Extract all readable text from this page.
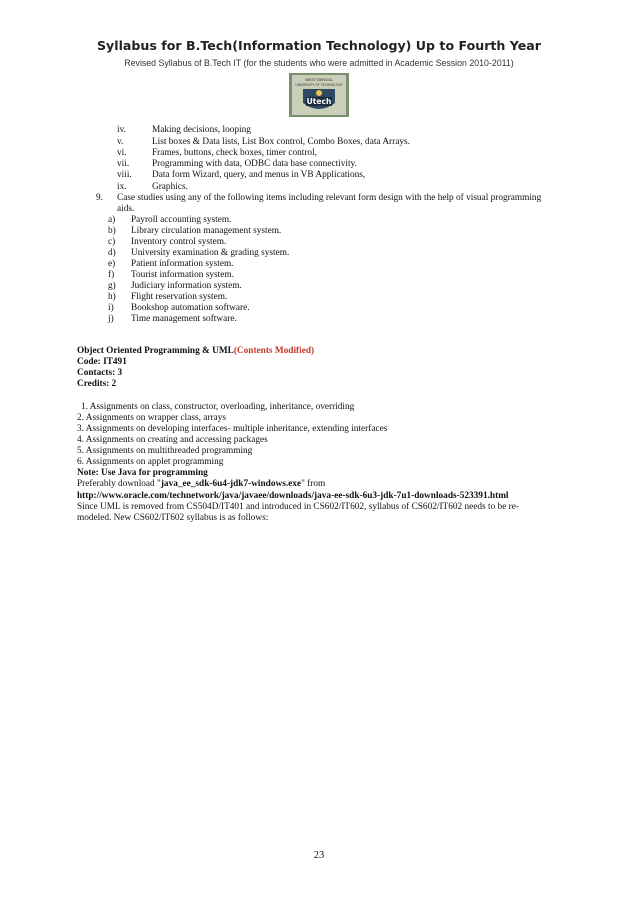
Syllabus for B.Tech(Information Technology) Up to Fourth Year
Revised Syllabus of B.Tech IT (for the students who were admitted in Academic Session 2010-2011)
WEST BENGAL
UNIVERSITY OF TECHNOLOGY
Utech
iv.	Making decisions, looping
v.	List boxes & Data lists, List Box control, Combo Boxes, data Arrays.
vi.	Frames, buttons, check boxes, timer control,
vii.	Programming with data, ODBC data base connectivity.
viii.	Data form Wizard, query, and menus in VB Applications,
ix.	Graphics.
9. Case studies using any of the following items including relevant form design with the help of visual programming
aids.
a) Payroll accounting system.
b) Library circulation management system.
c) Inventory control system.
d) University examination & grading system.
e) Patient information system.
f) Tourist information system.
g) Judiciary information system.
h) Flight reservation system.
i) Bookshop automation software.
j) Time management software.
Object Oriented Programming & UML(Contents Modified)
Code: IT491
Contacts: 3
Credits: 2
1. Assignments on class, constructor, overloading, inheritance, overriding
2. Assignments on wrapper class, arrays
3. Assignments on developing interfaces- multiple inheritance, extending interfaces
4. Assignments on creating and accessing packages
5. Assignments on multithreaded programming
6. Assignments on applet programming
Note: Use Java for programming
Preferably download "java_ee_sdk-6u4-jdk7-windows.exe" from
http://www.oracle.com/technetwork/java/javaee/downloads/java-ee-sdk-6u3-jdk-7u1-downloads-523391.html
Since UML is removed from CS504D/IT401 and introduced in CS602/IT602, syllabus of CS602/IT602 needs to be re-
modeled. New CS602/IT602 syllabus is as follows:
23
